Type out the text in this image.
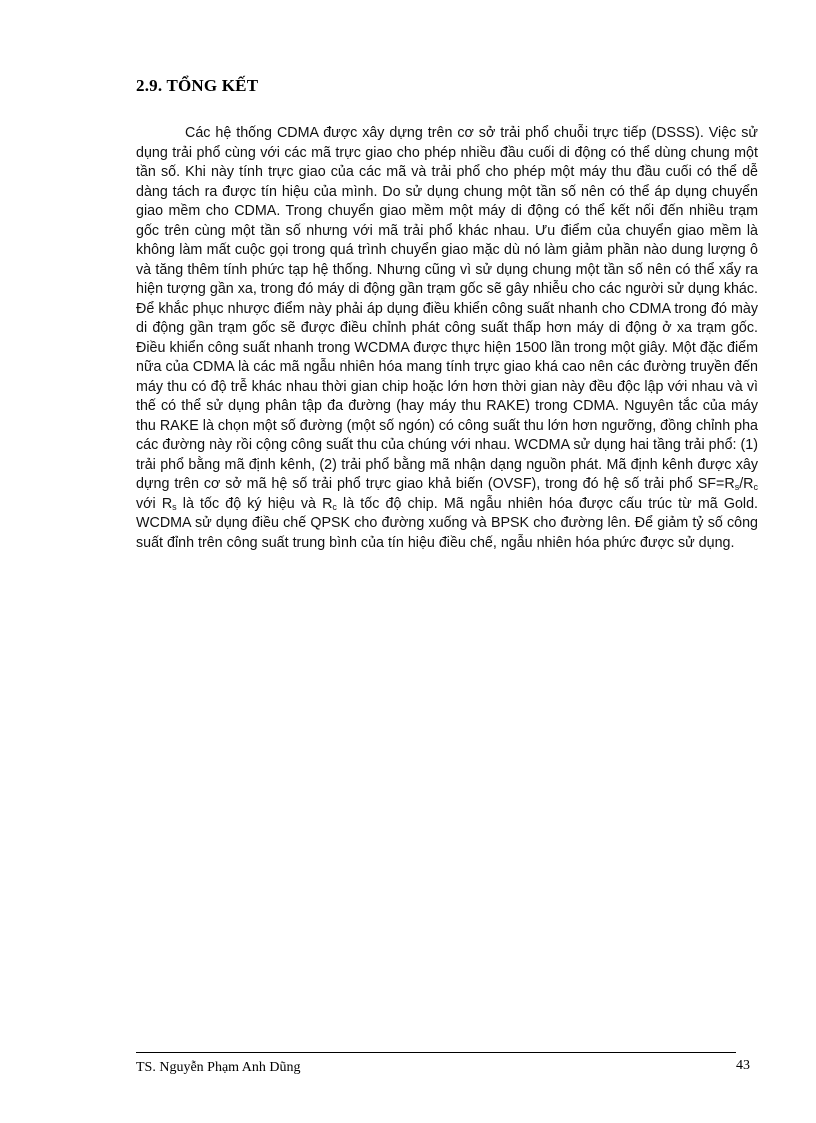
2.9. TỔNG KẾT

Các hệ thống CDMA được xây dựng trên cơ sở trải phổ chuỗi trực tiếp (DSSS). Việc sử dụng trải phổ cùng với các mã trực giao cho phép nhiều đầu cuối di động có thể dùng chung một tần số. Khi này tính trực giao của các mã và trải phổ cho phép một máy thu đầu cuối có thể dễ dàng tách ra được tín hiệu của mình. Do sử dụng chung một tần số nên có thể áp dụng chuyển giao mềm cho CDMA. Trong chuyển giao mềm một máy di động có thể kết nối đến nhiều trạm gốc trên cùng một tần số nhưng với mã trải phổ khác nhau. Ưu điểm của chuyển giao mềm là không làm mất cuộc gọi trong quá trình chuyển giao mặc dù nó làm giảm phần nào dung lượng ô và tăng thêm tính phức tạp hệ thống. Nhưng cũng vì sử dụng chung một tần số nên có thể xẩy ra hiện tượng gần xa, trong đó máy di động gần trạm gốc sẽ gây nhiễu cho các người sử dụng khác. Để khắc phục nhược điểm này phải áp dụng điều khiển công suất nhanh cho CDMA trong đó mày di động gần trạm gốc sẽ được điều chỉnh phát công suất thấp hơn máy di động ở xa trạm gốc. Điều khiển công suất nhanh trong WCDMA được thực hiện 1500 lần trong một giây. Một đặc điểm nữa của CDMA là các mã ngẫu nhiên hóa mang tính trực giao khá cao nên các đường truyền đến máy thu có độ trễ khác nhau thời gian chip hoặc lớn hơn thời gian này đều độc lập với nhau và vì thế có thể sử dụng phân tập đa đường (hay máy thu RAKE) trong CDMA. Nguyên tắc của máy thu RAKE là chọn một số đường (một số ngón) có công suất thu lớn hơn ngưỡng, đồng chỉnh pha các đường này rồi cộng công suất thu của chúng với nhau. WCDMA sử dụng hai tầng trải phổ: (1) trải phổ bằng mã định kênh, (2) trải phổ bằng mã nhận dạng nguồn phát. Mã định kênh được xây dựng trên cơ sở mã hệ số trải phổ trực giao khả biến (OVSF), trong đó hệ số trải phổ $SF=R_s/R_c$ với $R_s$ là tốc độ ký hiệu và $R_c$ là tốc độ chip. Mã ngẫu nhiên hóa được cấu trúc từ mã Gold. WCDMA sử dụng điều chế QPSK cho đường xuống và BPSK cho đường lên. Để giảm tỷ số công suất đỉnh trên công suất trung bình của tín hiệu điều chế, ngẫu nhiên hóa phức được sử dụng.

TS. Nguyễn Phạm Anh Dũng	43
